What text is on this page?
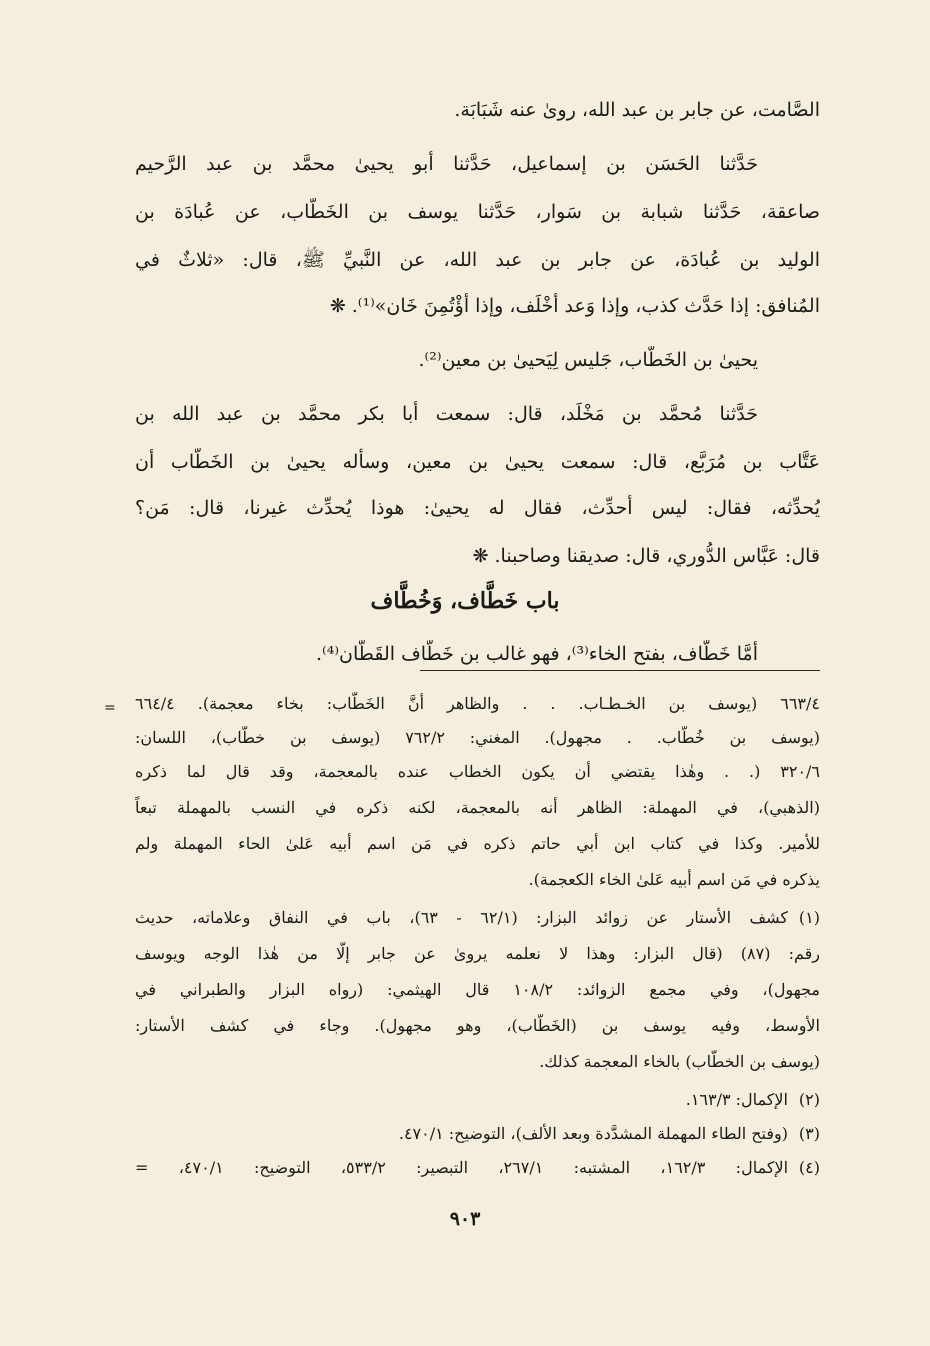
الصَّامت، عن جابر بن عبد الله، روىٰ عنه شَبَابَة.
حَدَّثنا الحَسَن بن إسماعيل، حَدَّثنا أبو يحيىٰ محمَّد بن عبد الرَّحيم
صاعقة، حَدَّثنا شبابة بن سَوار، حَدَّثنا يوسف بن الخَطَّاب، عن عُبادَة بن
الوليد بن عُبادَة، عن جابر بن عبد الله، عن النَّبيِّ ﷺ، قال: «ثلاثٌ في
المُنافق: إذا حَدَّث كذب، وإذا وَعد أَخْلَف، وإذا أُؤْتُمِنَ خَان»⁽¹⁾. ❋
يحيىٰ بن الخَطَّاب، جَليس لِيَحيىٰ بن معين⁽²⁾.
حَدَّثنا مُحمَّد بن مَخْلَد، قال: سمعت أبا بكر محمَّد بن عبد الله بن
عَتَّاب بن مُرَبَّع، قال: سمعت يحيىٰ بن معين، وسأله يحيىٰ بن الخَطَّاب أن
يُحدِّثه، فقال: ليس أُحدِّث، فقال له يحيىٰ: هوذا يُحدِّث غيرنا، قال: مَن؟
قال: عَبَّاس الدُّوري، قال: صديقنا وصاحبنا. ❋
باب خَطَّاف، وَخُطَّاف
أمَّا خَطَّاف، بفتح الخاء⁽³⁾، فهو غالب بن خَطَّاف القَطَّان⁽⁴⁾.
= ٦٦٣/٤ (يوسف بن الخـطـاب. . . والظاهر أنَّ الخَطَّاب: بخاء معجمة). ٦٦٤/٤
(يوسف بن خُطَّاب. . مجهول). المغني: ٧٦٢/٢ (يوسف بن خطَّاب)، اللسان:
٣٢٠/٦ (. . وهٰذا يقتضي أن يكون الخطاب عنده بالمعجمة، وقد قال لما ذكره
(الذهبي)، في المهملة: الظاهر أنه بالمعجمة، لكنه ذكره في النسب بالمهملة تبعاً
للأمير. وكذا في كتاب ابن أبي حاتم ذكره في مَن اسم أبيه عَلىٰ الحاء المهملة ولم
يذكره في مَن اسم أبيه عَلىٰ الخاء الكعجمة).
(١)
كشف الأستار عن زوائد البزار: (٦٢/١ - ٦٣)، باب في النفاق وعلاماته، حديث
رقم: (٨٧) (قال البزار: وهذا لا نعلمه يروىٰ عن جابر إلَّا من هٰذا الوجه ويوسف
مجهول)، وفي مجمع الزوائد: ١٠٨/٢ قال الهيثمي: (رواه البزار والطبراني في
الأوسط، وفيه يوسف بن (الخَطَّاب)، وهو مجهول). وجاء في كشف الأستار:
(يوسف بن الخطَّاب) بالخاء المعجمة كذلك.
(٢)
الإكمال: ١٦٣/٣.
(٣)
(وفتح الطاء المهملة المشدَّدة وبعد الألف)، التوضيح: ٤٧٠/١.
(٤)
الإكمال: ١٦٢/٣، المشتبه: ٢٦٧/١، التبصير: ٥٣٣/٢، التوضيح: ٤٧٠/١، =
٩٠٣
